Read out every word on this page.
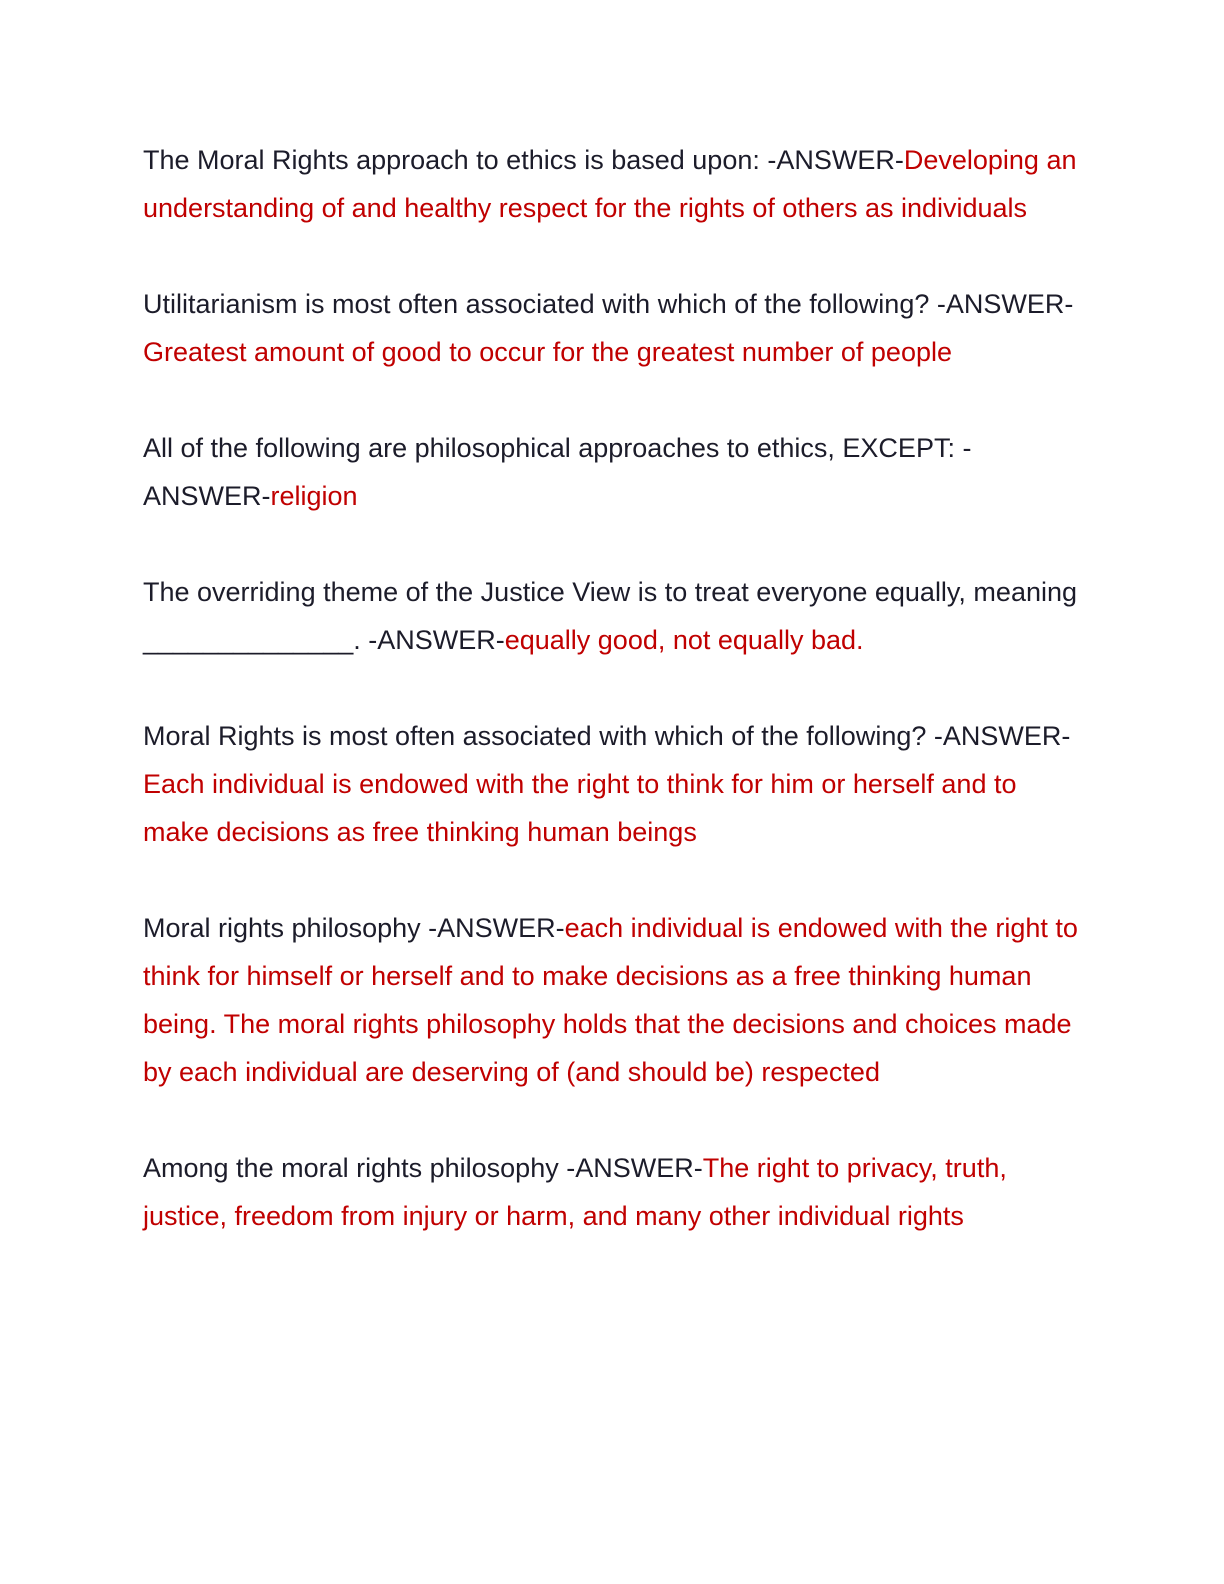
The Moral Rights approach to ethics is based upon: -ANSWER-Developing an understanding of and healthy respect for the rights of others as individuals

Utilitarianism is most often associated with which of the following? -ANSWER-Greatest amount of good to occur for the greatest number of people

All of the following are philosophical approaches to ethics, EXCEPT: -ANSWER-religion

The overriding theme of the Justice View is to treat everyone equally, meaning ______________. -ANSWER-equally good, not equally bad.

Moral Rights is most often associated with which of the following? -ANSWER-Each individual is endowed with the right to think for him or herself and to make decisions as free thinking human beings

Moral rights philosophy -ANSWER-each individual is endowed with the right to think for himself or herself and to make decisions as a free thinking human being. The moral rights philosophy holds that the decisions and choices made by each individual are deserving of (and should be) respected

Among the moral rights philosophy -ANSWER-The right to privacy, truth, justice, freedom from injury or harm, and many other individual rights
